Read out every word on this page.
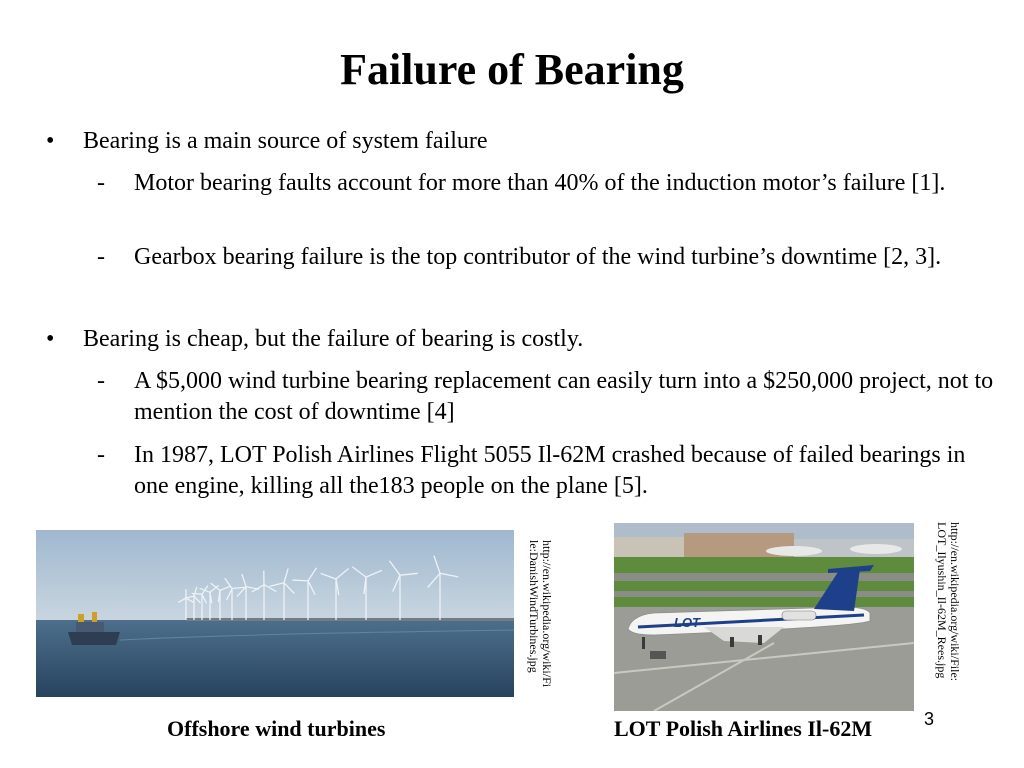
Failure of Bearing
• Bearing is a main source of system failure
- Motor bearing faults account for more than 40% of the induction motor’s failure [1].
- Gearbox bearing failure is the top contributor of the wind turbine’s downtime [2, 3].
• Bearing is cheap, but the failure of bearing is costly.
- A $5,000 wind turbine bearing replacement can easily turn into a $250,000 project, not to mention the cost of downtime [4]
- In 1987, LOT Polish Airlines Flight 5055 Il-62M crashed because of failed bearings in one engine, killing all the183 people on the plane [5].
http://en.wikipedia.org/wiki/Fi
le:DanishWindTurbines.jpg
Offshore wind turbines
LOT	http://en.wikipedia.org/wiki/File:
LOT_Ilyushin_Il-62M_Rees.jpg
LOT Polish Airlines Il-62M	3
